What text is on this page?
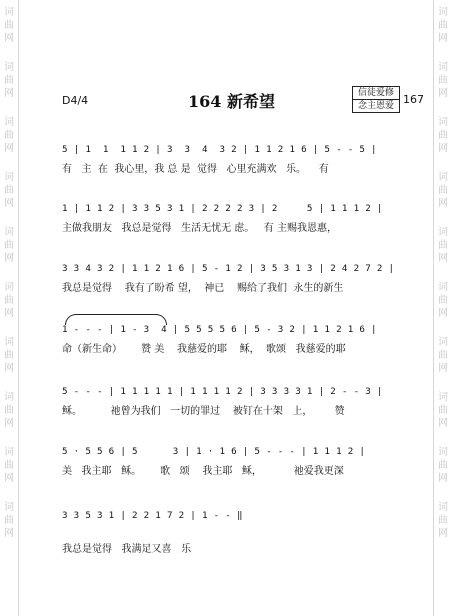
词曲网
词曲网
词曲网
词曲网
词曲网
词曲网
词曲网
词曲网
词曲网
词曲网
词曲网
词曲网
词曲网
词曲网
词曲网
词曲网
词曲网
词曲网
词曲网
词曲网
D4/4	164 新希望	信徒爱修
念主恩爱 167
5 | 1  1  1 1 2 | 3  3  4  3 2 | 1 1 2 1 6 | 5 - - 5 |
有   主  在  我心里，我 总 是  觉得   心里充满欢   乐。    有
1 | 1 1 2 | 3 3 5 3 1 | 2 2 2 2 3 | 2     5 | 1 1 1 2 |
主做我朋友   我总是觉得   生活无忧无 虑。   有 主赐我恩惠，
3 3 4 3 2 | 1 1 2 1 6 | 5 - 1 2 | 3 5 3 1 3 | 2 4 2 7 2 |
我总是觉得    我有了盼希 望，  神已    赐给了我们  永生的新生
1 - - - | 1 - 3  4 | 5 5 5 5 6 | 5 - 3 2 | 1 1 2 1 6 |
命（新生命）      赞 美    我慈爱的耶    稣，  歌颂   我慈爱的耶
5 - - - | 1 1 1 1 1 | 1 1 1 1 2 | 3 3 3 3 1 | 2 - - 3 |
稣。         祂曾为我们   一切的罪过    被钉在十架   上，       赞
5 · 5 5 6 | 5      3 | 1 · 1 6 | 5 - - - | 1 1 1 2 |
美   我主耶   稣。      歌   颂    我主耶   稣，          祂爱我更深
3 3 5 3 1 | 2 2 1 7 2 | 1 - - ‖
我总是觉得   我满足又喜   乐
